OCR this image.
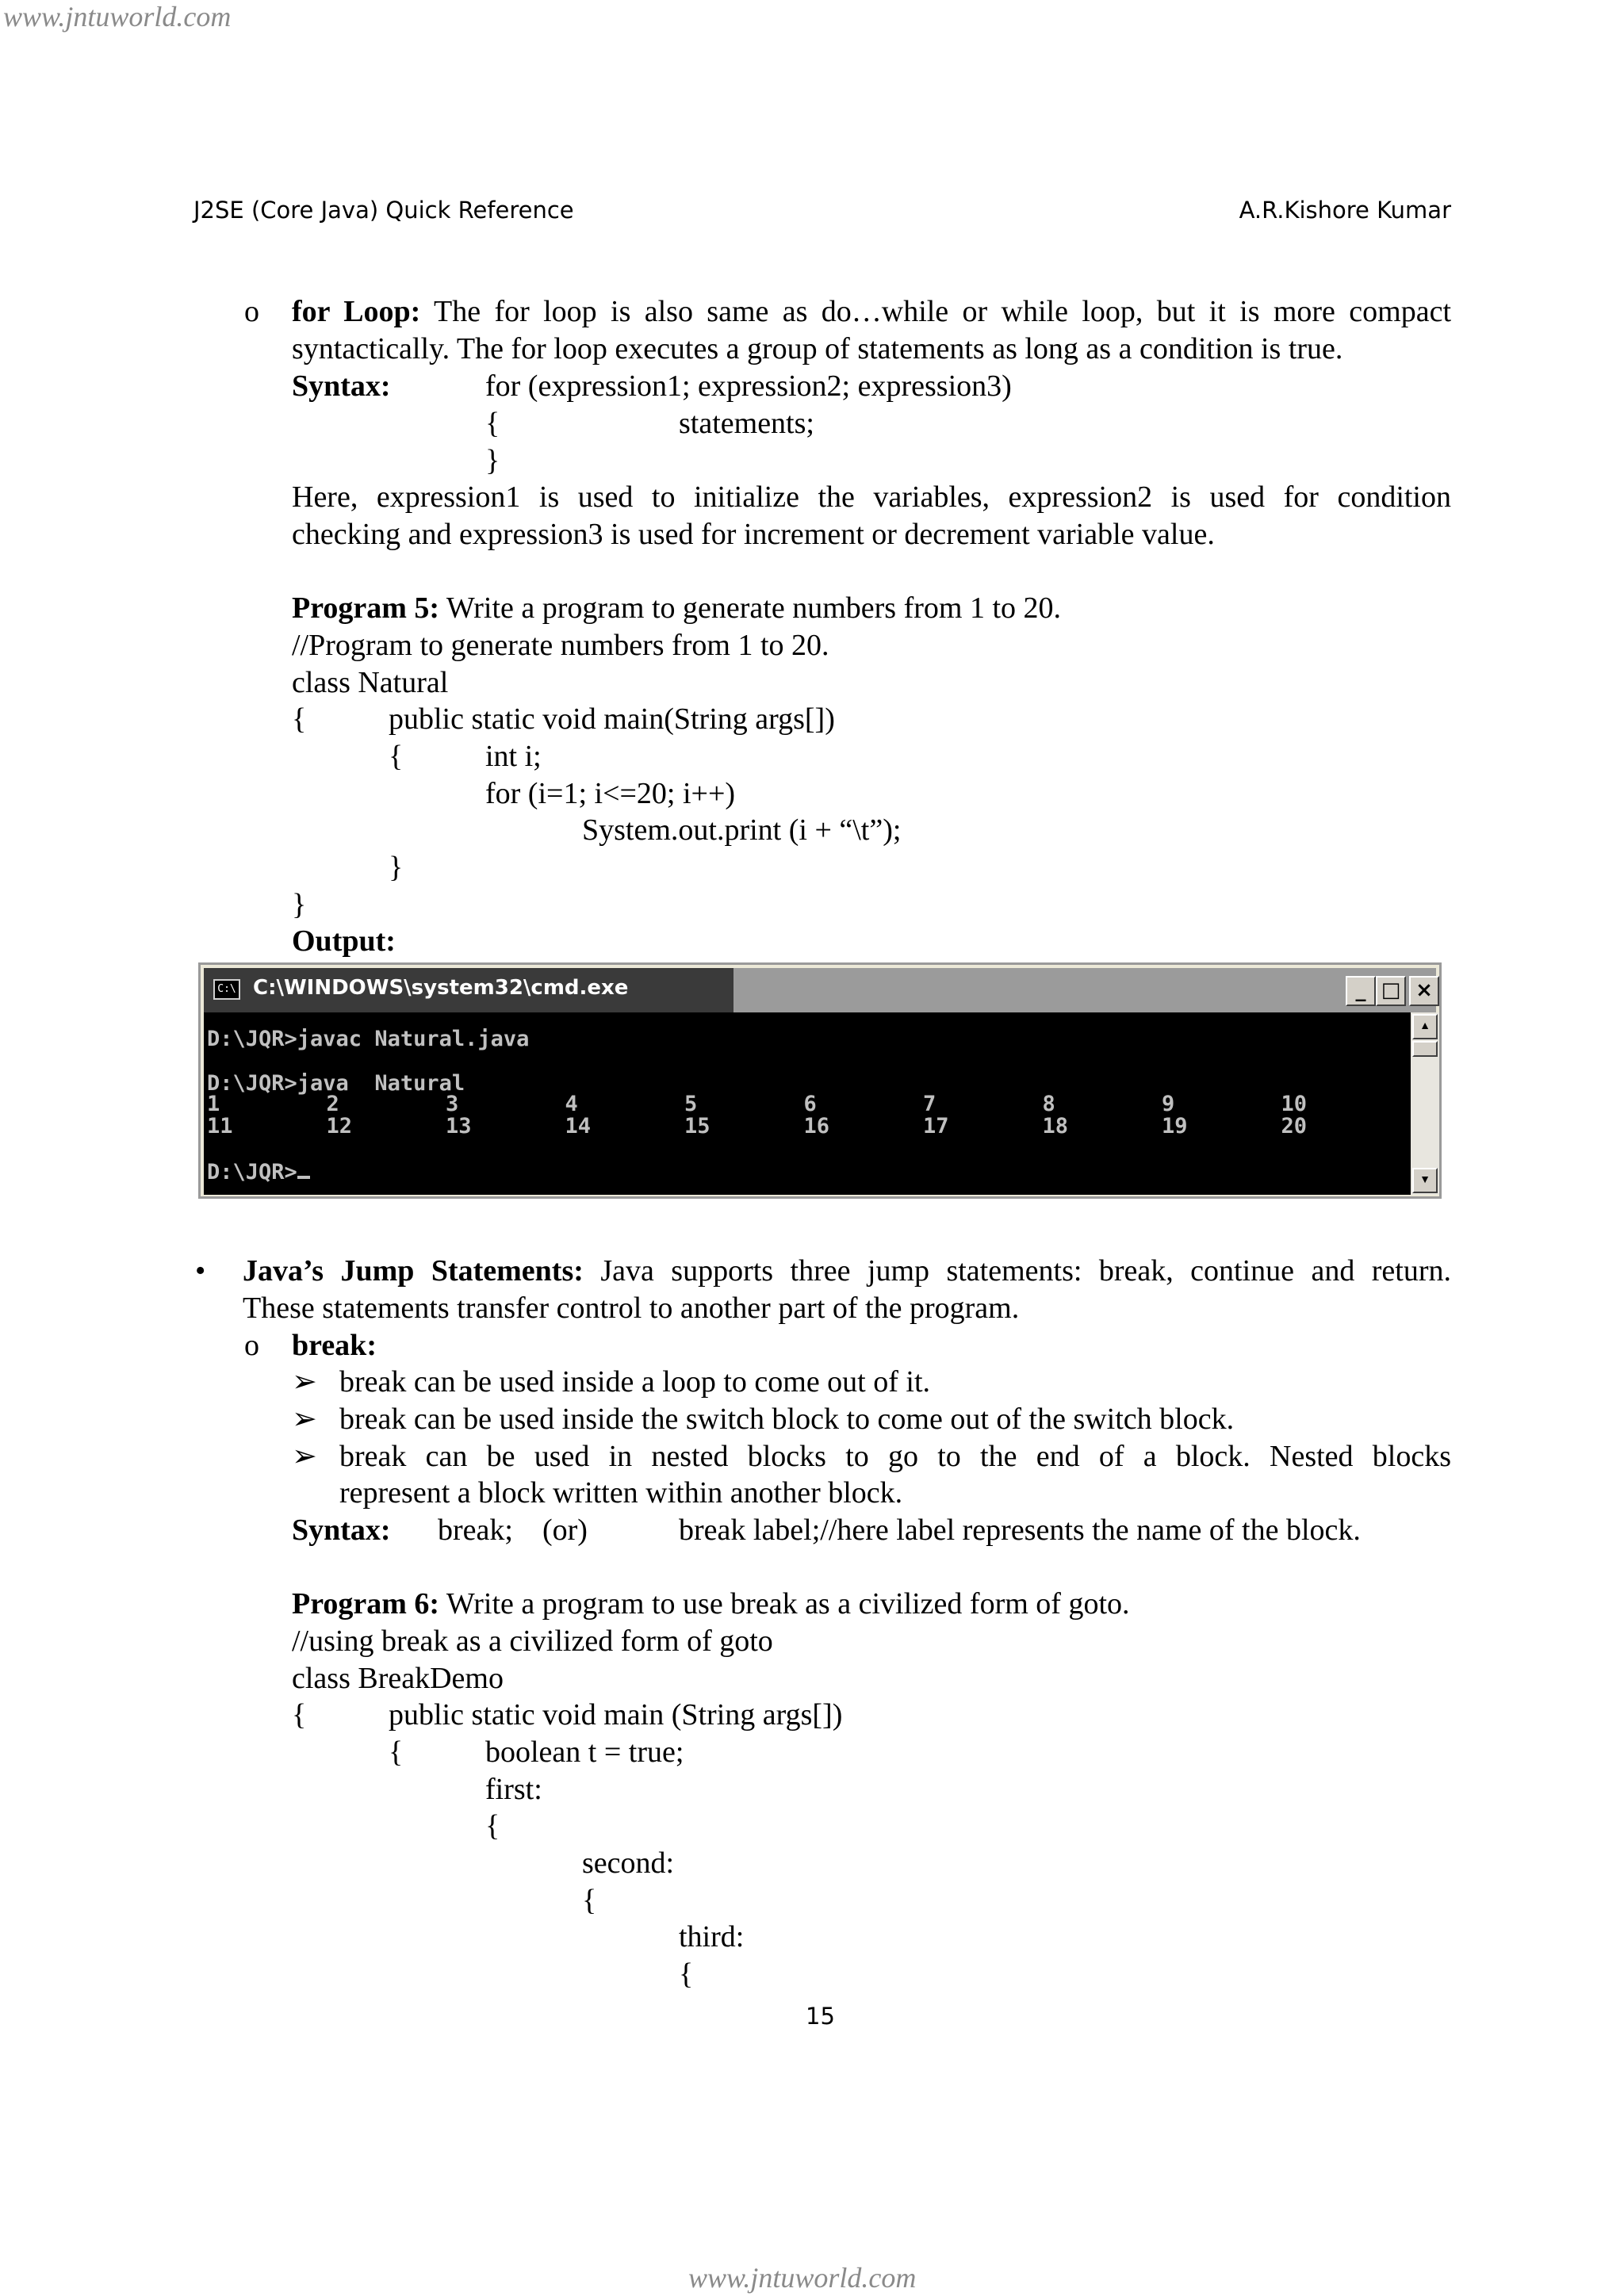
www.jntuworld.com
J2SE (Core Java) Quick Reference	A.R.Kishore Kumar
o for Loop: The for loop is also same as do…while or while loop, but it is more compact
syntactically. The for loop executes a group of statements as long as a condition is true.
Syntax:	for (expression1; expression2; expression3)
{	statements;
}
Here, expression1 is used to initialize the variables, expression2 is used for condition
checking and expression3 is used for increment or decrement variable value.
Program 5: Write a program to generate numbers from 1 to 20.
//Program to generate numbers from 1 to 20.
class Natural
{	public static void main(String args[])
{	int i;
for (i=1; i<=20; i++)
System.out.print (i + “\t”);
}
}
Output:
C:\ C:\WINDOWS\system32\cmd.exe	_ □ ×
D:\JQR>javac Natural.java
D:\JQR>java  Natural
1	2	3	4	5	6	7	8	9	10
11	12	13	14	15	16	17	18	19	20
D:\JQR>
▲
▼
• Java’s Jump Statements: Java supports three jump statements: break, continue and return.
These statements transfer control to another part of the program.
o break:
➢ break can be used inside a loop to come out of it.
➢ break can be used inside the switch block to come out of the switch block.
➢ break can be used in nested blocks to go to the end of a block. Nested blocks
represent a block written within another block.
Syntax: break; (or)	break label;//here label represents the name of the block.
Program 6: Write a program to use break as a civilized form of goto.
//using break as a civilized form of goto
class BreakDemo
{	public static void main (String args[])
{	boolean t = true;
first:
{
second:
{
third:
{
15
www.jntuworld.com
